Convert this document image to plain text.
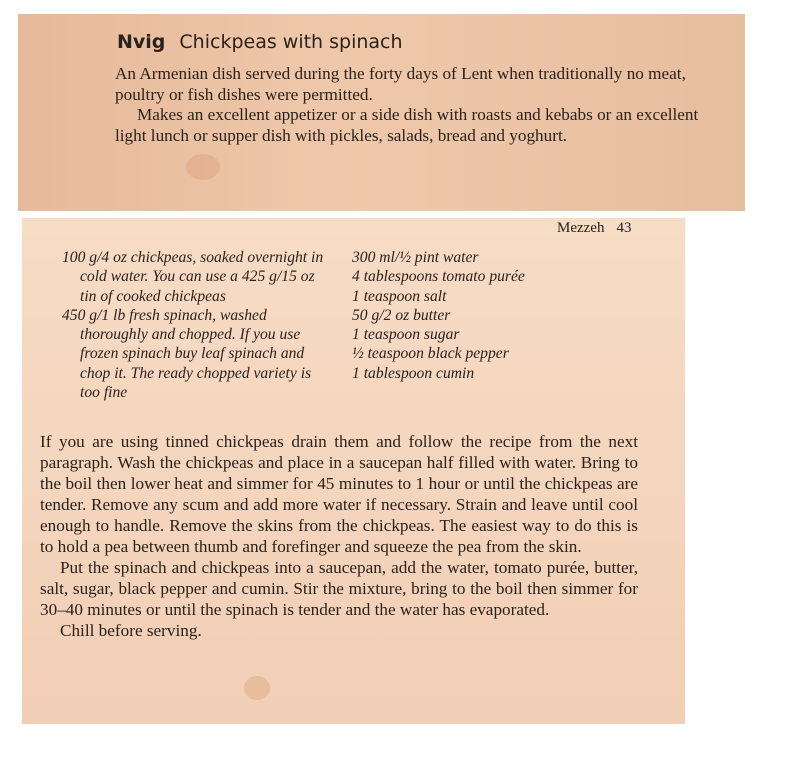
Nvig Chickpeas with spinach

An Armenian dish served during the forty days of Lent when traditionally no meat, poultry or fish dishes were permitted.

Makes an excellent appetizer or a side dish with roasts and kebabs or an excellent light lunch or supper dish with pickles, salads, bread and yoghurt.

Mezzeh 43
100 g/4 oz chickpeas, soaked overnight in cold water. You can use a 425 g/15 oz tin of cooked chickpeas
450 g/1 lb fresh spinach, washed thoroughly and chopped. If you use frozen spinach buy leaf spinach and chop it. The ready chopped variety is too fine
300 ml/½ pint water
4 tablespoons tomato purée
1 teaspoon salt
50 g/2 oz butter
1 teaspoon sugar
½ teaspoon black pepper
1 tablespoon cumin

If you are using tinned chickpeas drain them and follow the recipe from the next paragraph. Wash the chickpeas and place in a saucepan half filled with water. Bring to the boil then lower heat and simmer for 45 minutes to 1 hour or until the chickpeas are tender. Remove any scum and add more water if necessary. Strain and leave until cool enough to handle. Remove the skins from the chickpeas. The easiest way to do this is to hold a pea between thumb and forefinger and squeeze the pea from the skin.

Put the spinach and chickpeas into a saucepan, add the water, tomato purée, butter, salt, sugar, black pepper and cumin. Stir the mixture, bring to the boil then simmer for 30–40 minutes or until the spinach is tender and the water has evaporated.

Chill before serving.
